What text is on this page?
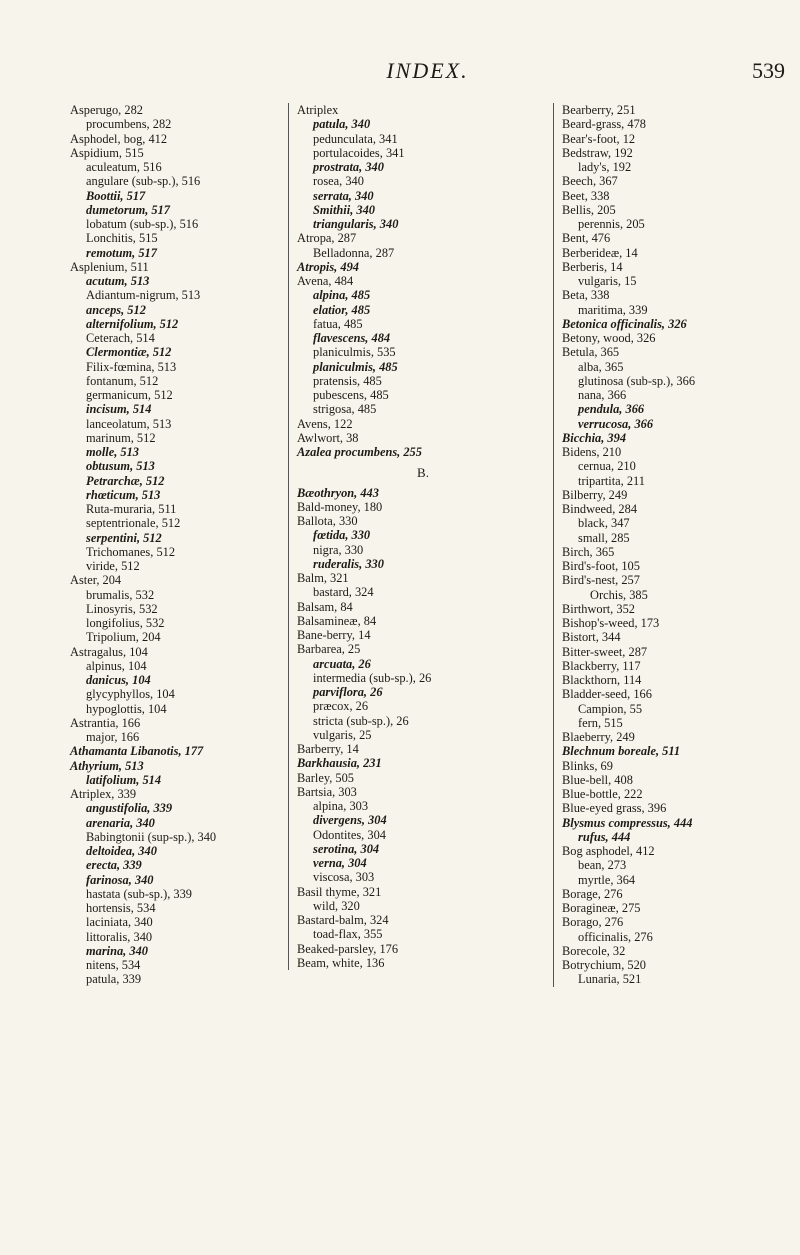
INDEX.	539
Asperugo, 282
procumbens, 282
Asphodel, bog, 412
Aspidium, 515
aculeatum, 516
angulare (sub-sp.), 516
Boottii, 517
dumetorum, 517
lobatum (sub-sp.), 516
Lonchitis, 515
remotum, 517
Asplenium, 511
acutum, 513
Adiantum-nigrum, 513
anceps, 512
alternifolium, 512
Ceterach, 514
Clermontiæ, 512
Filix-fœmina, 513
fontanum, 512
germanicum, 512
incisum, 514
lanceolatum, 513
marinum, 512
molle, 513
obtusum, 513
Petrarchæ, 512
rhœticum, 513
Ruta-muraria, 511
septentrionale, 512
serpentini, 512
Trichomanes, 512
viride, 512
Aster, 204
brumalis, 532
Linosyris, 532
longifolius, 532
Tripolium, 204
Astragalus, 104
alpinus, 104
danicus, 104
glycyphyllos, 104
hypoglottis, 104
Astrantia, 166
major, 166
Athamanta Libanotis, 177
Athyrium, 513
latifolium, 514
Atriplex, 339
angustifolia, 339
arenaria, 340
Babingtonii (sup-sp.), 340
deltoidea, 340
erecta, 339
farinosa, 340
hastata (sub-sp.), 339
hortensis, 534
laciniata, 340
littoralis, 340
marina, 340
nitens, 534
patula, 339
Atriplex
patula, 340
pedunculata, 341
portulacoides, 341
prostrata, 340
rosea, 340
serrata, 340
Smithii, 340
triangularis, 340
Atropa, 287
Belladonna, 287
Atropis, 494
Avena, 484
alpina, 485
elatior, 485
fatua, 485
flavescens, 484
planiculmis, 535
planiculmis, 485
pratensis, 485
pubescens, 485
strigosa, 485
Avens, 122
Awlwort, 38
Azalea procumbens, 255
B.
Bæothryon, 443
Bald-money, 180
Ballota, 330
fœtida, 330
nigra, 330
ruderalis, 330
Balm, 321
bastard, 324
Balsam, 84
Balsamineæ, 84
Bane-berry, 14
Barbarea, 25
arcuata, 26
intermedia (sub-sp.), 26
parviflora, 26
præcox, 26
stricta (sub-sp.), 26
vulgaris, 25
Barberry, 14
Barkhausia, 231
Barley, 505
Bartsia, 303
alpina, 303
divergens, 304
Odontites, 304
serotina, 304
verna, 304
viscosa, 303
Basil thyme, 321
wild, 320
Bastard-balm, 324
toad-flax, 355
Beaked-parsley, 176
Beam, white, 136
Bearberry, 251
Beard-grass, 478
Bear's-foot, 12
Bedstraw, 192
lady's, 192
Beech, 367
Beet, 338
Bellis, 205
perennis, 205
Bent, 476
Berberideæ, 14
Berberis, 14
vulgaris, 15
Beta, 338
maritima, 339
Betonica officinalis, 326
Betony, wood, 326
Betula, 365
alba, 365
glutinosa (sub-sp.), 366
nana, 366
pendula, 366
verrucosa, 366
Bicchia, 394
Bidens, 210
cernua, 210
tripartita, 211
Bilberry, 249
Bindweed, 284
black, 347
small, 285
Birch, 365
Bird's-foot, 105
Bird's-nest, 257
Orchis, 385
Birthwort, 352
Bishop's-weed, 173
Bistort, 344
Bitter-sweet, 287
Blackberry, 117
Blackthorn, 114
Bladder-seed, 166
Campion, 55
fern, 515
Blaeberry, 249
Blechnum boreale, 511
Blinks, 69
Blue-bell, 408
Blue-bottle, 222
Blue-eyed grass, 396
Blysmus compressus, 444
rufus, 444
Bog asphodel, 412
bean, 273
myrtle, 364
Borage, 276
Boragineæ, 275
Borago, 276
officinalis, 276
Borecole, 32
Botrychium, 520
Lunaria, 521
